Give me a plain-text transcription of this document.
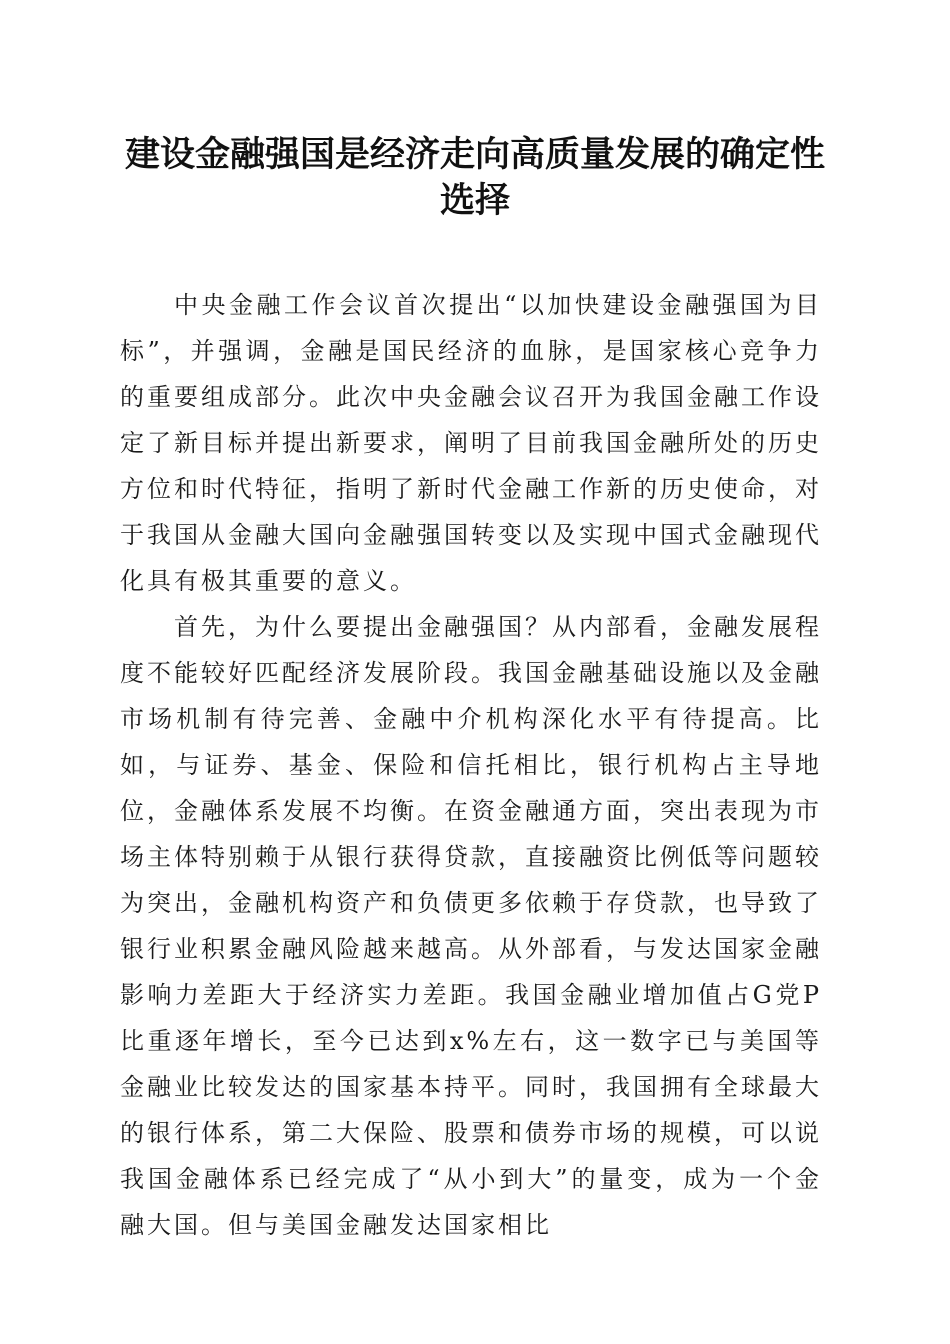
建设金融强国是经济走向高质量发展的确定性选择

中央金融工作会议首次提出“以加快建设金融强国为目标”，并强调，金融是国民经济的血脉，是国家核心竞争力的重要组成部分。此次中央金融会议召开为我国金融工作设定了新目标并提出新要求，阐明了目前我国金融所处的历史方位和时代特征，指明了新时代金融工作新的历史使命，对于我国从金融大国向金融强国转变以及实现中国式金融现代化具有极其重要的意义。

首先，为什么要提出金融强国？从内部看，金融发展程度不能较好匹配经济发展阶段。我国金融基础设施以及金融市场机制有待完善、金融中介机构深化水平有待提高。比如，与证券、基金、保险和信托相比，银行机构占主导地位，金融体系发展不均衡。在资金融通方面，突出表现为市场主体特别赖于从银行获得贷款，直接融资比例低等问题较为突出，金融机构资产和负债更多依赖于存贷款，也导致了银行业积累金融风险越来越高。从外部看，与发达国家金融影响力差距大于经济实力差距。我国金融业增加值占G党P比重逐年增长，至今已达到x%左右，这一数字已与美国等金融业比较发达的国家基本持平。同时，我国拥有全球最大的银行体系，第二大保险、股票和债券市场的规模，可以说我国金融体系已经完成了“从小到大”的量变，成为一个金融大国。但与美国金融发达国家相比
